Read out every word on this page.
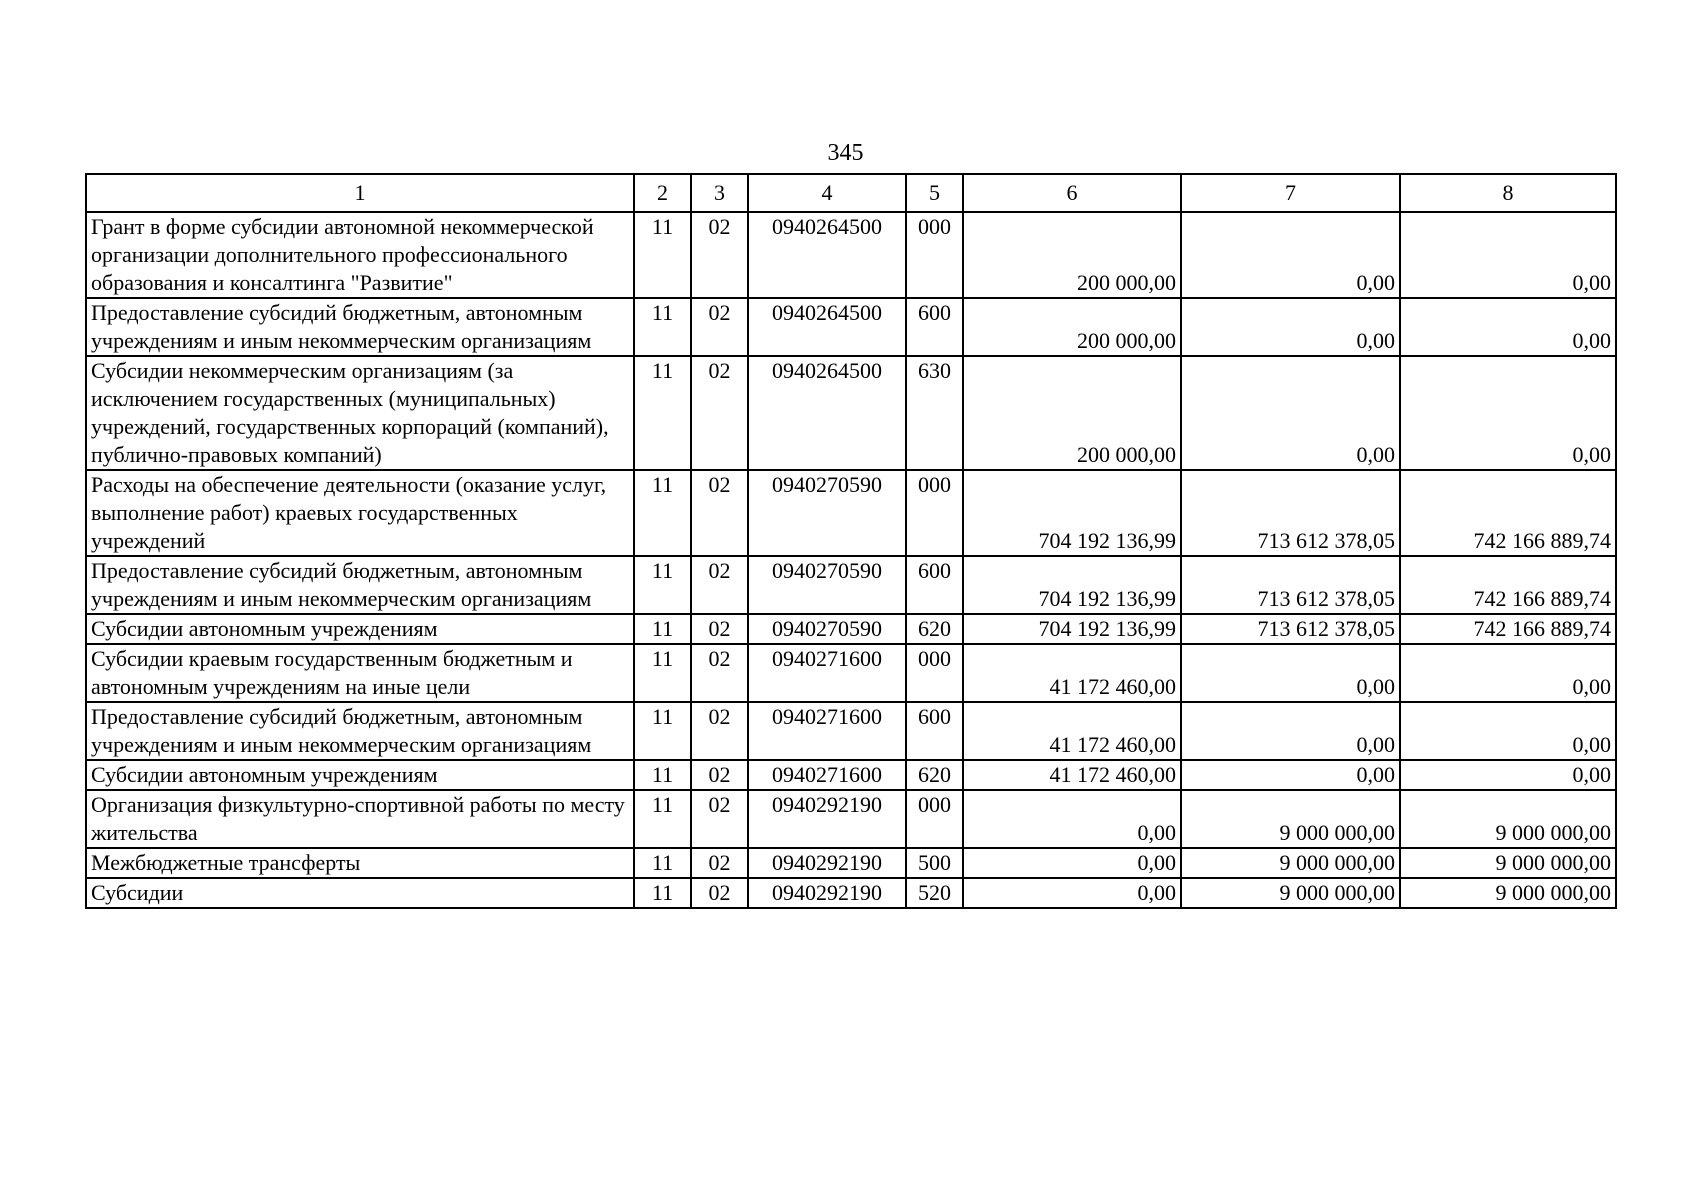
345
1	2	3	4	5	6	7	8
Грант в форме субсидии автономной некоммерческой организации дополнительного профессионального образования и консалтинга "Развитие"	11	02	0940264500	000	200 000,00	0,00	0,00
Предоставление субсидий бюджетным, автономным учреждениям и иным некоммерческим организациям	11	02	0940264500	600	200 000,00	0,00	0,00
Субсидии некоммерческим организациям (за исключением государственных (муниципальных) учреждений, государственных корпораций (компаний), публично-правовых компаний)	11	02	0940264500	630	200 000,00	0,00	0,00
Расходы на обеспечение деятельности (оказание услуг, выполнение работ) краевых государственных учреждений	11	02	0940270590	000	704 192 136,99	713 612 378,05	742 166 889,74
Предоставление субсидий бюджетным, автономным учреждениям и иным некоммерческим организациям	11	02	0940270590	600	704 192 136,99	713 612 378,05	742 166 889,74
Субсидии автономным учреждениям	11	02	0940270590	620	704 192 136,99	713 612 378,05	742 166 889,74
Субсидии краевым государственным бюджетным и автономным учреждениям на иные цели	11	02	0940271600	000	41 172 460,00	0,00	0,00
Предоставление субсидий бюджетным, автономным учреждениям и иным некоммерческим организациям	11	02	0940271600	600	41 172 460,00	0,00	0,00
Субсидии автономным учреждениям	11	02	0940271600	620	41 172 460,00	0,00	0,00
Организация физкультурно-спортивной работы по месту жительства	11	02	0940292190	000	0,00	9 000 000,00	9 000 000,00
Межбюджетные трансферты	11	02	0940292190	500	0,00	9 000 000,00	9 000 000,00
Субсидии	11	02	0940292190	520	0,00	9 000 000,00	9 000 000,00
